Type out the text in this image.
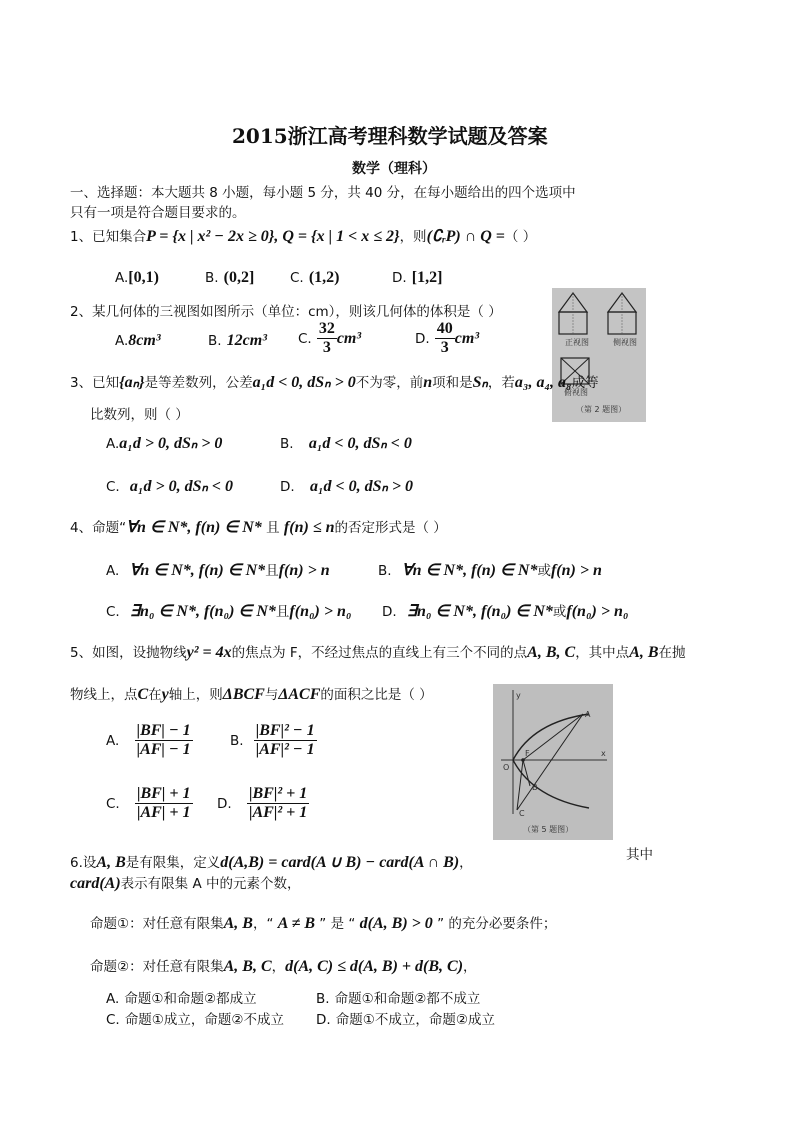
2015浙江高考理科数学试题及答案
数学（理科）
一、选择题：本大题共 8 小题，每小题 5 分，共 40 分，在每小题给出的四个选项中
只有一项是符合题目要求的。
1、已知集合P = {x | x² − 2x ≥ 0}, Q = {x | 1 < x ≤ 2}，则(∁ᵣP) ∩ Q =（ ）
A.[0,1)	B. (0,2]	C. (1,2)	D. [1,2]
2、某几何体的三视图如图所示（单位：cm），则该几何体的体积是（ ）
A.8cm³	B. 12cm³ C. $\frac{32}{3} cm^3$	D. $\frac{40}{3} cm^3$	正视图	侧视图
俯视图
（第 2 题图）
3、已知{aₙ}是等差数列，公差a₁d < 0, dSₙ > 0不为零，前n项和是Sₙ，若a₃, a₄, a₈成等
比数列，则（ ）
A.a₁d > 0, dSₙ > 0	B. a₁d < 0, dSₙ < 0
C. a₁d > 0, dSₙ < 0	D. a₁d < 0, dSₙ > 0
4、命题“∀n ∈ N*, f(n) ∈ N* 且 f(n) ≤ n的否定形式是（ ）
A. ∀n ∈ N*, f(n) ∈ N*且f(n) > n	B. ∀n ∈ N*, f(n) ∈ N*或f(n) > n
C. ∃n₀ ∈ N*, f(n₀) ∈ N*且f(n₀) > n₀ D. ∃n₀ ∈ N*, f(n₀) ∈ N*或f(n₀) > n₀
5、如图，设抛物线y² = 4x的焦点为 F，不经过焦点的直线上有三个不同的点A, B, C，其中点A, B在抛
物线上，点C在y轴上，则ΔBCF与ΔACF的面积之比是（ ）
A. $\frac{|BF| - 1}{|AF| - 1}$	B. $\frac{\text{|BF|² − 1}}{\text{|AF|² − 1}}$
C. $\frac{|BF| + 1}{|AF| + 1} D$. $\frac{\text{|BF|² + 1}}{\text{|AF|² + 1}}$
y
x
O
F
A
B
C
（第 5 题图）
6.设A, B是有限集，定义d(A,B) = card(A ∪ B) − card(A ∩ B)，	其中
card(A)表示有限集 A 中的元素个数，
命题①：对任意有限集A, B，“ A ≠ B ” 是 “ d(A, B) > 0 ” 的充分必要条件；
命题②：对任意有限集A, B, C，d(A, C) ≤ d(A, B) + d(B, C)，
A. 命题①和命题②都成立	B. 命题①和命题②都不成立
C. 命题①成立，命题②不成立 D. 命题①不成立，命题②成立
